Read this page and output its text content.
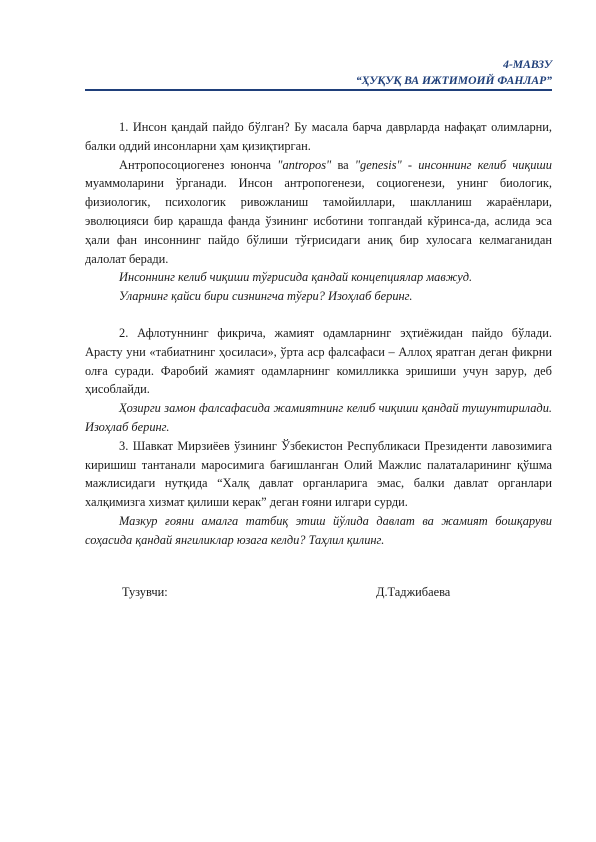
4-МАВЗУ
“ҲУҚУҚ ВА ИЖТИМОИЙ ФАНЛАР”

1. Инсон қандай пайдо бўлган? Бу масала барча даврларда нафақат олимларни, балки оддий инсонларни ҳам қизиқтирган.

Антропосоциогенез юнонча "antropos" ва "genesis" - инсоннинг келиб чиқиши муаммоларини ўрганади. Инсон антропогенези, социогенези, унинг биологик, физиологик, психологик ривожланиш тамойиллари, шаклланиш жараёнлари, эволюцияси бир қарашда фанда ўзининг исботини топгандай кўринса-да, аслида эса ҳали фан инсоннинг пайдо бўлиши тўғрисидаги аниқ бир хулосага келмаганидан далолат беради.

Инсоннинг келиб чиқиши тўғрисида қандай концепциялар мавжуд.

Уларнинг қайси бири сизнингча тўғри? Изоҳлаб беринг.

2. Афлотуннинг фикрича, жамият одамларнинг эҳтиёжидан пайдо бўлади. Арасту уни «табиатнинг ҳосиласи», ўрта аср фалсафаси – Аллоҳ яратган деган фикрни олға суради. Фаробий жамият одамларнинг комилликка эришиши учун зарур, деб ҳисоблайди.

Ҳозирги замон фалсафасида жамиятнинг келиб чиқиши қандай тушунтирилади. Изоҳлаб беринг.

3. Шавкат Мирзиёев ўзининг Ўзбекистон Республикаси Президенти лавозимига киришиш тантанали маросимига бағишланган Олий Мажлис палаталарининг қўшма мажлисидаги нутқида “Халқ давлат органларига эмас, балки давлат органлари халқимизга хизмат қилиши керак” деган ғояни илгари сурди.

Мазкур ғояни амалга татбиқ этиш йўлида давлат ва жамият бошқаруви соҳасида қандай янгиликлар юзага келди? Таҳлил қилинг.

Тузувчи:	Д.Таджибаева
